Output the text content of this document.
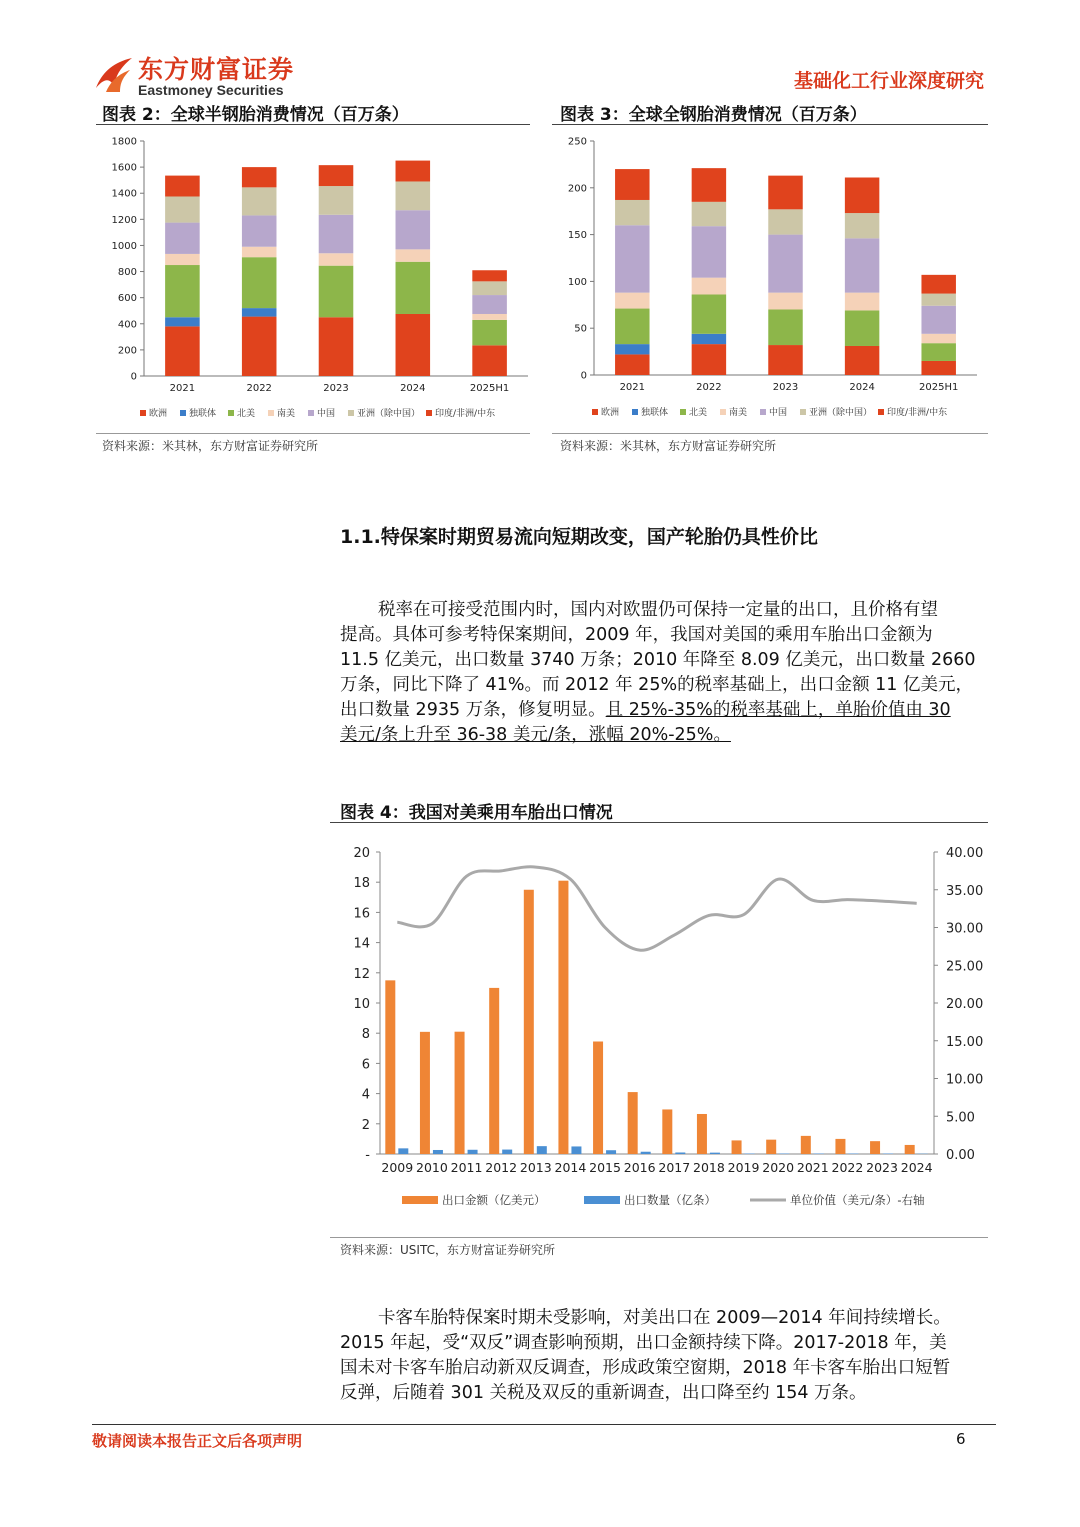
东方财富证券
Eastmoney Securities	基础化工行业深度研究
图表 2：全球半钢胎消费情况（百万条）
0
200
400
600
800
1000
1200
1400
1600
1800
2021	2022	2023	2024	2025H1
欧洲 独联体 北美 南美 中国 亚洲（除中国） 印度/非洲/中东
资料来源：米其林，东方财富证券研究所
图表 3：全球全钢胎消费情况（百万条）
0
50
100
150
200
250
2021	2022	2023	2024	2025H1
欧洲 独联体 北美 南美 中国 亚洲（除中国） 印度/非洲/中东
资料来源：米其林，东方财富证券研究所
1.1.特保案时期贸易流向短期改变，国产轮胎仍具性价比
税率在可接受范围内时，国内对欧盟仍可保持一定量的出口，且价格有望
提高。具体可参考特保案期间，2009 年，我国对美国的乘用车胎出口金额为
11.5 亿美元，出口数量 3740 万条；2010 年降至 8.09 亿美元，出口数量 2660
万条，同比下降了 41%。而 2012 年 25%的税率基础上，出口金额 11 亿美元，
出口数量 2935 万条，修复明显。且 25%-35%的税率基础上，单胎价值由 30
美元/条上升至 36-38 美元/条，涨幅 20%-25%。
图表 4：我国对美乘用车胎出口情况
-
2
4
6
8
10
12
14
16
18
20
0.00
5.00
10.00
15.00
20.00
25.00
30.00
35.00
40.00
2009 2010 2011 2012 2013 2014 2015 2016 2017 2018 2019 2020 2021 2022 2023 2024
出口金额（亿美元）	出口数量（亿条）	单位价值（美元/条）-右轴
资料来源：USITC，东方财富证券研究所
卡客车胎特保案时期未受影响，对美出口在 2009—2014 年间持续增长。
2015 年起，受“双反”调查影响预期，出口金额持续下降。2017-2018 年，美
国未对卡客车胎启动新双反调查，形成政策空窗期，2018 年卡客车胎出口短暂
反弹，后随着 301 关税及双反的重新调查，出口降至约 154 万条。
敬请阅读本报告正文后各项声明	6
